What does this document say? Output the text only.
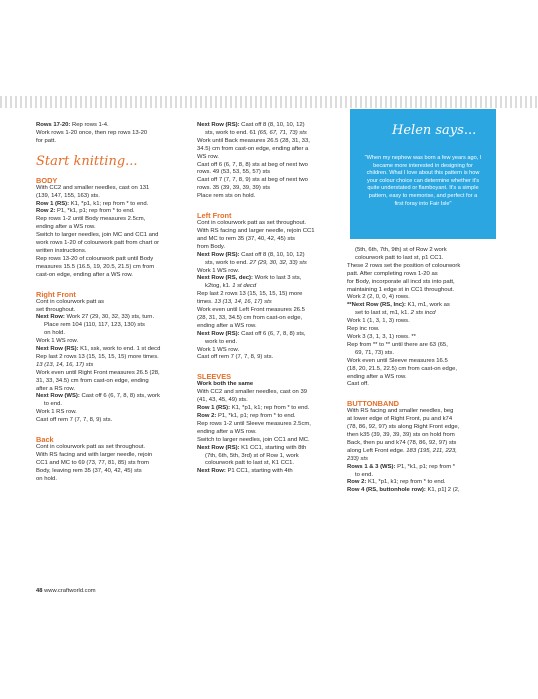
Rows 17-20: Rep rows 1-4.

Work rows 1-20 once, then rep rows 13-20

for patt.

Start knitting...
BODY

With CC2 and smaller needles, cast on 131

(139, 147, 155, 163) sts.

Row 1 (RS): K1, *p1, k1; rep from * to end.

Row 2: P1, *k1, p1; rep from * to end.

Rep rows 1-2 until Body measures 2.5cm,

ending after a WS row.

Switch to larger needles, join MC and CC1 and

work rows 1-20 of colourwork patt from chart or

written instructions.

Rep rows 13-20 of colourwork patt until Body

measures 15.5 (16.5, 19, 20.5, 21.5) cm from

cast-on edge, ending after a WS row.

Right Front

Cont in colourwork patt as

set throughout.

Next Row: Work 27 (29, 30, 32, 33) sts, turn.

Place rem 104 (110, 117, 123, 130) sts

on hold.

Work 1 WS row.

Next Row (RS): K1, ssk, work to end. 1 st decd

Rep last 2 rows 13 (15, 15, 15, 15) more times.

13 (13, 14, 16, 17) sts

Work even until Right Front measures 26.5 (28,

31, 33, 34.5) cm from cast-on edge, ending

after a RS row.

Next Row (WS): Cast off 6 (6, 7, 8, 8) sts, work

to end.

Work 1 RS row.

Cast off rem 7 (7, 7, 8, 9) sts.

Back

Cont in colourwork patt as set throughout.

With RS facing and with larger needle, rejoin

CC1 and MC to 69 (73, 77, 81, 85) sts from

Body, leaving rem 35 (37, 40, 42, 45) sts

on hold.

Next Row (RS): Cast off 8 (8, 10, 10, 12)

sts, work to end. 61 (65, 67, 71, 73) sts

Work until Back measures 26.5 (28, 31, 33,

34.5) cm from cast-on edge, ending after a

WS row.

Cast off 6 (6, 7, 8, 8) sts at beg of next two

rows. 49 (53, 53, 55, 57) sts

Cast off 7 (7, 7, 8, 9) sts at beg of next two

rows. 35 (39, 39, 39, 39) sts

Place rem sts on hold.

Left Front

Cont in colourwork patt as set throughout.

With RS facing and larger needle, rejoin CC1

and MC to rem 35 (37, 40, 42, 45) sts

from Body.

Next Row (RS): Cast off 8 (8, 10, 10, 12)

sts, work to end. 27 (29, 30, 32, 33) sts

Work 1 WS row.

Next Row (RS, dec): Work to last 3 sts,

k2tog, k1. 1 st decd

Rep last 2 rows 13 (15, 15, 15, 15) more

times. 13 (13, 14, 16, 17) sts

Work even until Left Front measures 26.5

(28, 31, 33, 34.5) cm from cast-on edge,

ending after a WS row.

Next Row (RS): Cast off 6 (6, 7, 8, 8) sts,

work to end.

Work 1 WS row.

Cast off rem 7 (7, 7, 8, 9) sts.

SLEEVES

Work both the same

With CC2 and smaller needles, cast on 39

(41, 43, 45, 49) sts.

Row 1 (RS): K1, *p1, k1; rep from * to end.

Row 2: P1, *k1, p1; rep from * to end.

Rep rows 1-2 until Sleeve measures 2.5cm,

ending after a WS row.

Switch to larger needles, join CC1 and MC.

Next Row (RS): K1 CC1, starting with 8th

(7th, 6th, 5th, 3rd) st of Row 1, work

colourwork patt to last st, K1 CC1.

Next Row: P1 CC1, starting with 4th

Helen says...
"When my nephew was born a few years ago, I became more interested in designing for children. What I love about this pattern is how your colour choice can determine whether it's quite understated or flamboyant. It's a simple pattern, easy to memorise, and perfect for a first foray into Fair Isle"

(5th, 6th, 7th, 9th) st of Row 2 work

colourwork patt to last st, p1 CC1.

These 2 rows set the position of colourwork

patt. After completing rows 1-20 as

for Body, incorporate all incd sts into patt,

maintaining 1 edge st in CC1 throughout.

Work 2 (2, 0, 0, 4) rows.

**Next Row (RS, Inc): K1, m1, work as

set to last st, m1, k1. 2 sts incd

Work 1 (1, 3, 1, 3) rows.

Rep inc row.

Work 3 (3, 1, 3, 1) rows. **

Rep from ** to ** until there are 63 (65,

69, 71, 73) sts.

Work even until Sleeve measures 16.5

(18, 20, 21.5, 22.5) cm from cast-on edge,

ending after a WS row.

Cast off.

BUTTONBAND

With RS facing and smaller needles, beg

at lower edge of Right Front, pu and k74

(78, 86, 92, 97) sts along Right Front edge,

then k35 (39, 39, 39, 39) sts on hold from

Back, then pu and k74 (78, 86, 92, 97) sts

along Left Front edge. 183 (195, 211, 223,

233) sts

Rows 1 & 3 (WS): P1, *k1, p1; rep from *

to end.

Row 2: K1, *p1, k1; rep from * to end.

Row 4 (RS, buttonhole row): K1, p1] 2 (2,

48 www.craftworld.com
